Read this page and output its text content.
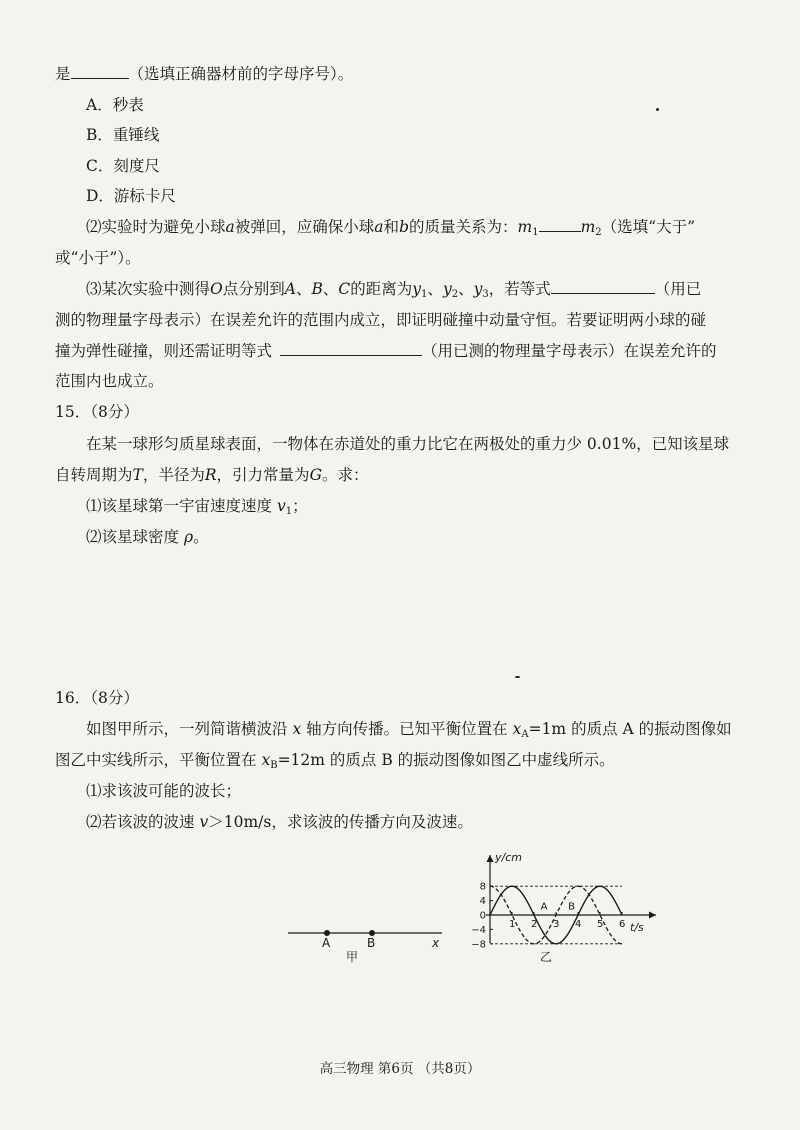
是	（选填正确器材前的字母序号）。
A．秒表
B．重锤线
C．刻度尺
D．游标卡尺
⑵实验时为避免小球a被弹回，应确保小球a和b的质量关系为：$m_1$	$m_2$（选填“大于”
或“小于”）。
⑶某次实验中测得O点分别到A、B、C的距离为$y_1$、$y_2$、$y_3$，若等式	（用已
测的物理量字母表示）在误差允许的范围内成立，即证明碰撞中动量守恒。若要证明两小球的碰
撞为弹性碰撞，则还需证明等式	（用已测的物理量字母表示）在误差允许的
范围内也成立。
15．（8分）
在某一球形匀质星球表面，一物体在赤道处的重力比它在两极处的重力少 0.01%，已知该星球
自转周期为T，半径为R，引力常量为G。求：
⑴该星球第一宇宙速度速度 $v_1$；
⑵该星球密度 ρ。
16．（8分）
如图甲所示，一列简谐横波沿 x 轴方向传播。已知平衡位置在 $x_A=1m$ 的质点 A 的振动图像如
图乙中实线所示，平衡位置在 $x_B=12m$ 的质点 B 的振动图像如图乙中虚线所示。
⑴求该波可能的波长；
⑵若该波的波速 v＞10m/s，求该波的传播方向及波速。
A	B	x
甲
y/cm
t/s
乙
8
4
0
−4
−8
1 2 3 4 5 6
A B
高三物理 第6页 （共8页）
